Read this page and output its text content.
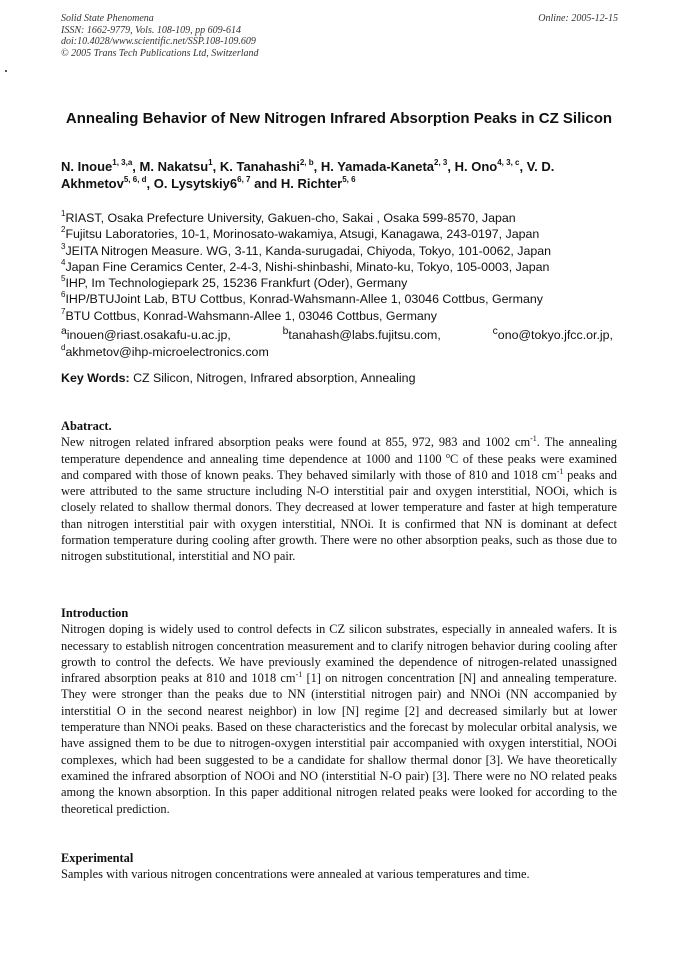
Solid State Phenomena
ISSN: 1662-9779, Vols. 108-109, pp 609-614
doi:10.4028/www.scientific.net/SSP.108-109.609
© 2005 Trans Tech Publications Ltd, Switzerland
Online: 2005-12-15
Annealing Behavior of New Nitrogen Infrared Absorption Peaks in CZ Silicon

N. Inoue$^{1, 3,a}$, M. Nakatsu$^1$, K. Tanahashi$^{2, b}$, H. Yamada-Kaneta$^{2, 3}$, H. Ono$^{4, 3, c}$, V. D. Akhmetov$^{5, 6, d}$, O. Lysytskiy6$^{6, 7}$ and H. Richter$^{5, 6}$

$^1$RIAST, Osaka Prefecture University, Gakuen-cho, Sakai , Osaka 599-8570, Japan
$^2$Fujitsu Laboratories, 10-1, Morinosato-wakamiya, Atsugi, Kanagawa, 243-0197, Japan
$^3$JEITA Nitrogen Measure. WG, 3-11, Kanda-surugadai, Chiyoda, Tokyo, 101-0062, Japan
$^4$Japan Fine Ceramics Center, 2-4-3, Nishi-shinbashi, Minato-ku, Tokyo, 105-0003, Japan
$^5$IHP, Im Technologiepark 25, 15236 Frankfurt (Oder), Germany
$^6$IHP/BTUJoint Lab, BTU Cottbus, Konrad-Wahsmann-Allee 1, 03046 Cottbus, Germany
$^7$BTU Cottbus, Konrad-Wahsmann-Allee 1, 03046 Cottbus, Germany
$^a$inouen@riast.osakafu-u.ac.jp,	$^b$tanahash@labs.fujitsu.com,	$^c$ono@tokyo.jfcc.or.jp,
$^d$akhmetov@ihp-microelectronics.com
Key Words: CZ Silicon, Nitrogen, Infrared absorption, Annealing
Abatract.

New nitrogen related infrared absorption peaks were found at 855, 972, 983 and 1002 $cm^{-1}$. The annealing temperature dependence and annealing time dependence at 1000 and 1100 $^o$C of these peaks were examined and compared with those of known peaks. They behaved similarly with those of 810 and 1018 $cm^{-1}$ peaks and were attributed to the same structure including N-O interstitial pair and oxygen interstitial, NOOi, which is closely related to shallow thermal donors. They decreased at lower temperature and faster at high temperature than nitrogen interstitial pair with oxygen interstitial, NNOi. It is confirmed that NN is dominant at defect formation temperature during cooling after growth. There were no other absorption peaks, such as those due to nitrogen substitutional, interstitial and NO pair.

Introduction

Nitrogen doping is widely used to control defects in CZ silicon substrates, especially in annealed wafers. It is necessary to establish nitrogen concentration measurement and to clarify nitrogen behavior during cooling after growth to control the defects. We have previously examined the dependence of nitrogen-related unassigned infrared absorption peaks at 810 and 1018 $cm^{-1}$ [1] on nitrogen concentration [N] and annealing temperature. They were stronger than the peaks due to NN (interstitial nitrogen pair) and NNOi (NN accompanied by interstitial O in the second nearest neighbor) in low [N] regime [2] and decreased similarly but at lower temperature than NNOi peaks. Based on these characteristics and the forecast by molecular orbital analysis, we have assigned them to be due to nitrogen-oxygen interstitial pair accompanied with oxygen interstitial, NOOi complexes, which had been suggested to be a candidate for shallow thermal donor [3]. We have theoretically examined the infrared absorption of NOOi and NO (interstitial N-O pair) [3]. There were no NO related peaks among the known absorption. In this paper additional nitrogen related peaks were looked for according to the theoretical prediction.

Experimental

Samples with various nitrogen concentrations were annealed at various temperatures and time.
